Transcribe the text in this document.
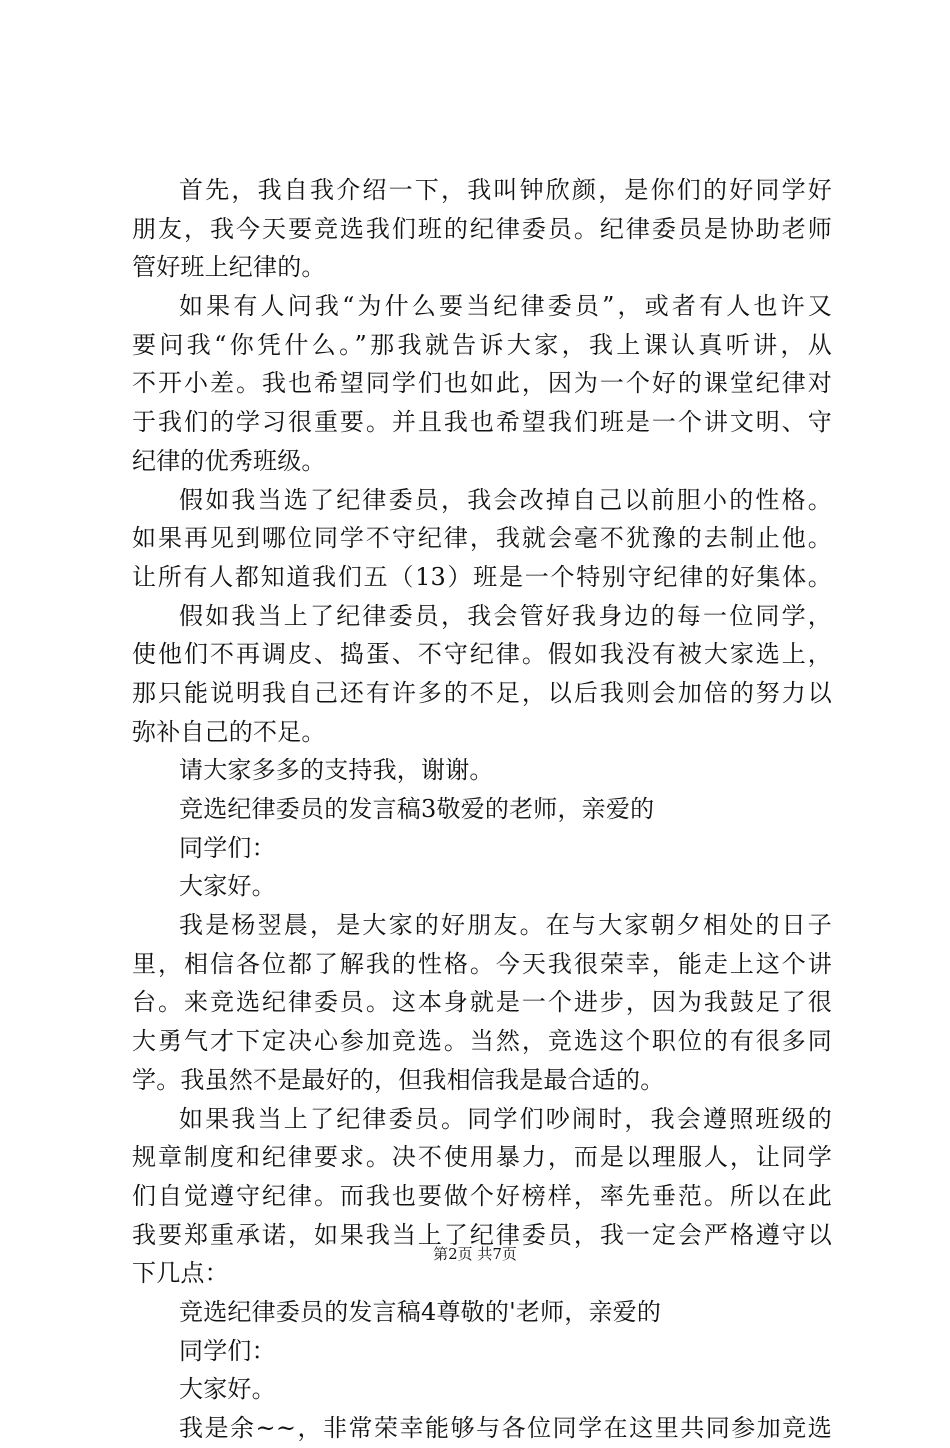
首先，我自我介绍一下，我叫钟欣颜，是你们的好同学好
朋友，我今天要竞选我们班的纪律委员。纪律委员是协助老师
管好班上纪律的。
如果有人问我“为什么要当纪律委员”，或者有人也许又
要问我“你凭什么。”那我就告诉大家，我上课认真听讲，从
不开小差。我也希望同学们也如此，因为一个好的课堂纪律对
于我们的学习很重要。并且我也希望我们班是一个讲文明、守
纪律的优秀班级。
假如我当选了纪律委员，我会改掉自己以前胆小的性格。
如果再见到哪位同学不守纪律，我就会毫不犹豫的去制止他。
让所有人都知道我们五（13）班是一个特别守纪律的好集体。
假如我当上了纪律委员，我会管好我身边的每一位同学，
使他们不再调皮、捣蛋、不守纪律。假如我没有被大家选上，
那只能说明我自己还有许多的不足，以后我则会加倍的努力以
弥补自己的不足。
请大家多多的支持我，谢谢。
竞选纪律委员的发言稿3敬爱的老师，亲爱的
同学们：
大家好。
我是杨翌晨，是大家的好朋友。在与大家朝夕相处的日子
里，相信各位都了解我的性格。今天我很荣幸，能走上这个讲
台。来竞选纪律委员。这本身就是一个进步，因为我鼓足了很
大勇气才下定决心参加竞选。当然，竞选这个职位的有很多同
学。我虽然不是最好的，但我相信我是最合适的。
如果我当上了纪律委员。同学们吵闹时，我会遵照班级的
规章制度和纪律要求。决不使用暴力，而是以理服人，让同学
们自觉遵守纪律。而我也要做个好榜样，率先垂范。所以在此
我要郑重承诺，如果我当上了纪律委员，我一定会严格遵守以
下几点：
竞选纪律委员的发言稿4尊敬的'老师，亲爱的
同学们：
大家好。
我是余~~，非常荣幸能够与各位同学在这里共同参加竞选
第2页 共7页
